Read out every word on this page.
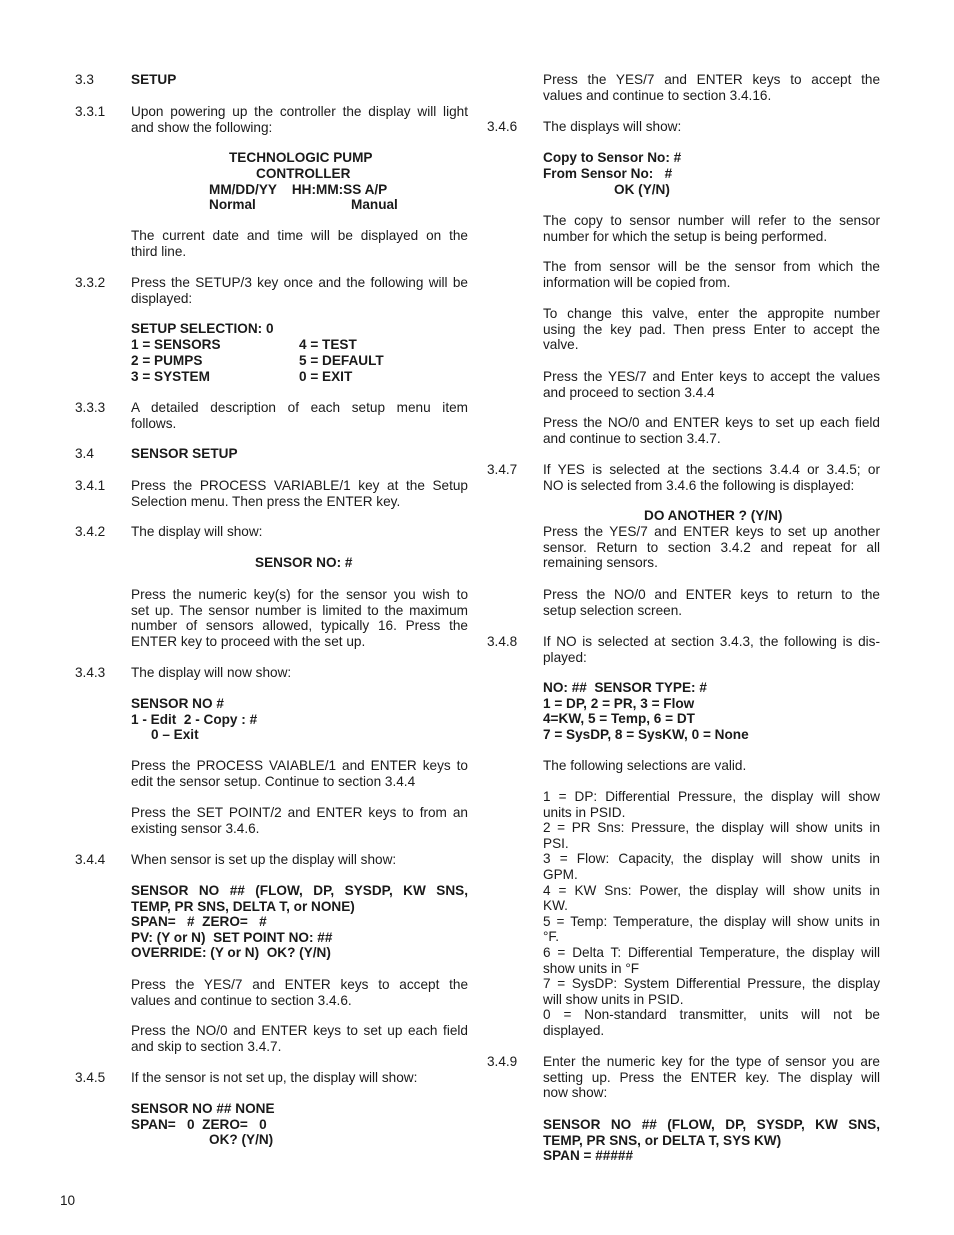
3.3	SETUP
3.3.1 Upon powering up the controller the display will light
and show the following:
TECHNOLOGIC PUMP
CONTROLLER
MM/DD/YY    HH:MM:SS A/P
Normal	Manual
The current date and time will be displayed on the
third line.
3.3.2 Press the SETUP/3 key once and the following will be
displayed:
SETUP SELECTION: 0
1 = SENSORS	4 = TEST
2 = PUMPS	5 = DEFAULT
3 = SYSTEM	0 = EXIT
3.3.3 A detailed description of each setup menu item
follows.
3.4	SENSOR SETUP
3.4.1 Press the PROCESS VARIABLE/1 key at the Setup
Selection menu. Then press the ENTER key.
3.4.2 The display will show:
SENSOR NO: #
Press the numeric key(s) for the sensor you wish to
set up. The sensor number is limited to the maximum
number of sensors allowed, typically 16. Press the
ENTER key to proceed with the set up.
3.4.3 The display will now show:
SENSOR NO #
1 - Edit  2 - Copy : #
0 – Exit
Press the PROCESS VAIABLE/1 and ENTER keys to
edit the sensor setup. Continue to section 3.4.4
Press the SET POINT/2 and ENTER keys to from an
existing sensor 3.4.6.
3.4.4 When sensor is set up the display will show:
SENSOR NO ## (FLOW, DP, SYSDP, KW SNS,
TEMP, PR SNS, DELTA T, or NONE)
SPAN=   #  ZERO=   #
PV: (Y or N)  SET POINT NO: ##
OVERRIDE: (Y or N)  OK? (Y/N)
Press the YES/7 and ENTER keys to accept the
values and continue to section 3.4.6.
Press the NO/0 and ENTER keys to set up each field
and skip to section 3.4.7.
3.4.5 If the sensor is not set up, the display will show:
SENSOR NO ## NONE
SPAN=   0  ZERO=   0
OK? (Y/N)
Press the YES/7 and ENTER keys to accept the
values and continue to section 3.4.16.
3.4.6 The displays will show:
Copy to Sensor No: #
From Sensor No:   #
OK (Y/N)
The copy to sensor number will refer to the sensor
number for which the setup is being performed.
The from sensor will be the sensor from which the
information will be copied from.
To change this valve, enter the appropite number
using the key pad. Then press Enter to accept the
valve.
Press the YES/7 and Enter keys to accept the values
and proceed to section 3.4.4
Press the NO/0 and ENTER keys to set up each field
and continue to section 3.4.7.
3.4.7 If YES is selected at the sections 3.4.4 or 3.4.5; or
NO is selected from 3.4.6 the following is displayed:
DO ANOTHER ? (Y/N)
Press the YES/7 and ENTER keys to set up another
sensor. Return to section 3.4.2 and repeat for all
remaining sensors.
Press the NO/0 and ENTER keys to return to the
setup selection screen.
3.4.8 If NO is selected at section 3.4.3, the following is dis-
played:
NO: ##  SENSOR TYPE: #
1 = DP, 2 = PR, 3 = Flow
4=KW, 5 = Temp, 6 = DT
7 = SysDP, 8 = SysKW, 0 = None
The following selections are valid.
1 = DP: Differential Pressure, the display will show
units in PSID.
2 = PR Sns: Pressure, the display will show units in
PSI.
3 = Flow: Capacity, the display will show units in
GPM.
4 = KW Sns: Power, the display will show units in
KW.
5 = Temp: Temperature, the display will show units in
°F.
6 = Delta T: Differential Temperature, the display will
show units in °F
7 = SysDP: System Differential Pressure, the display
will show units in PSID.
0 = Non-standard transmitter, units will not be
displayed.
3.4.9 Enter the numeric key for the type of sensor you are
setting up. Press the ENTER key. The display will
now show:
SENSOR NO ## (FLOW, DP, SYSDP, KW SNS,
TEMP, PR SNS, or DELTA T, SYS KW)
SPAN = #####
10
